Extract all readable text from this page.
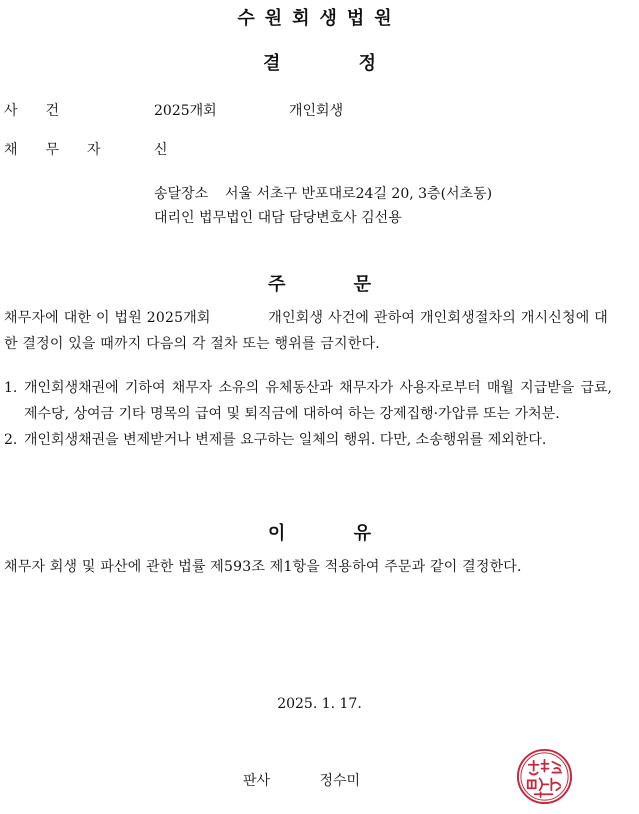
수원회생법원
결 정
사건	2025개회	개인회생
채무자 신
송달장소 서울 서초구 반포대로24길 20, 3층(서초동)
대리인 법무법인 대담 담당변호사 김선용
주 문
채무자에 대한 이 법원 2025개회　　　　개인회생 사건에 관하여 개인회생절차의 개시신청에 대한 결정이 있을 때까지 다음의 각 절차 또는 행위를 금지한다.
1. 개인회생채권에 기하여 채무자 소유의 유체동산과 채무자가 사용자로부터 매월 지급받을 급료, 제수당, 상여금 기타 명목의 급여 및 퇴직금에 대하여 하는 강제집행·가압류 또는 가처분.
2. 개인회생채권을 변제받거나 변제를 요구하는 일체의 행위. 다만, 소송행위를 제외한다.
이 유
채무자 회생 및 파산에 관한 법률 제593조 제1항을 적용하여 주문과 같이 결정한다.
2025. 1. 17.
판사	정수미
